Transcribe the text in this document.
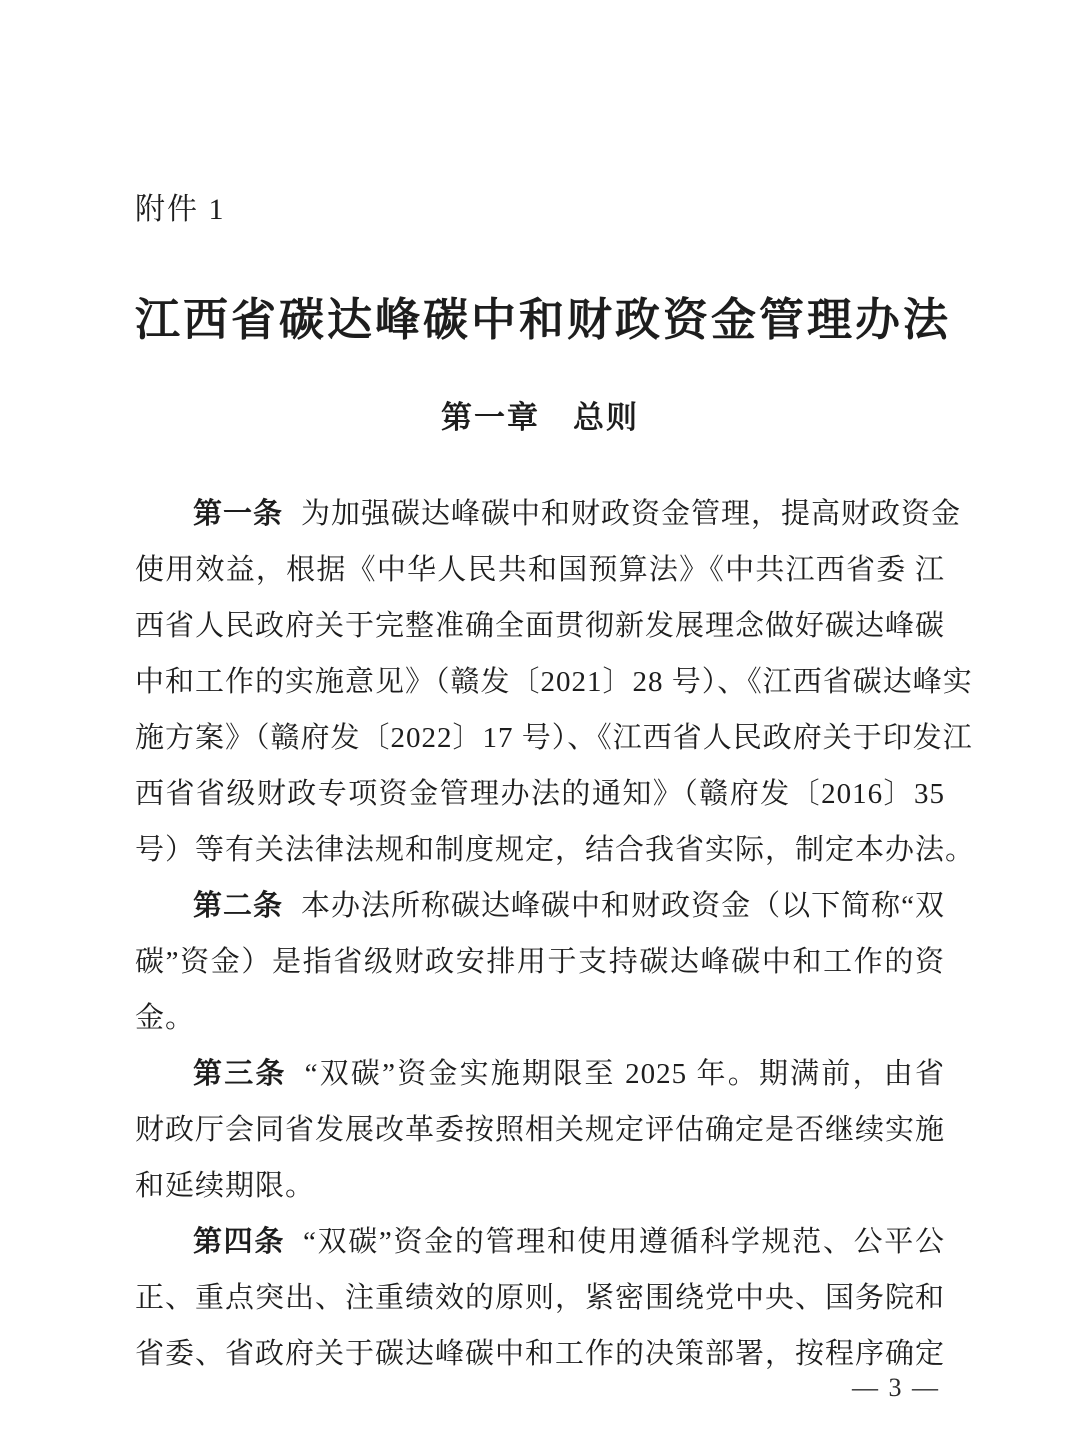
附件 1
江西省碳达峰碳中和财政资金管理办法
第一章　总则
第一条 为加强碳达峰碳中和财政资金管理，提高财政资金
使用效益，根据《中华人民共和国预算法》《中共江西省委 江
西省人民政府关于完整准确全面贯彻新发展理念做好碳达峰碳
中和工作的实施意见》（赣发〔2021〕28 号）、《江西省碳达峰实
施方案》（赣府发〔2022〕17 号）、《江西省人民政府关于印发江
西省省级财政专项资金管理办法的通知》（赣府发〔2016〕35
号）等有关法律法规和制度规定，结合我省实际，制定本办法。
第二条 本办法所称碳达峰碳中和财政资金（以下简称“双
碳”资金）是指省级财政安排用于支持碳达峰碳中和工作的资
金。
第三条 “双碳”资金实施期限至 2025 年。期满前，由省
财政厅会同省发展改革委按照相关规定评估确定是否继续实施
和延续期限。
第四条 “双碳”资金的管理和使用遵循科学规范、公平公
正、重点突出、注重绩效的原则，紧密围绕党中央、国务院和
省委、省政府关于碳达峰碳中和工作的决策部署，按程序确定
— 3 —
